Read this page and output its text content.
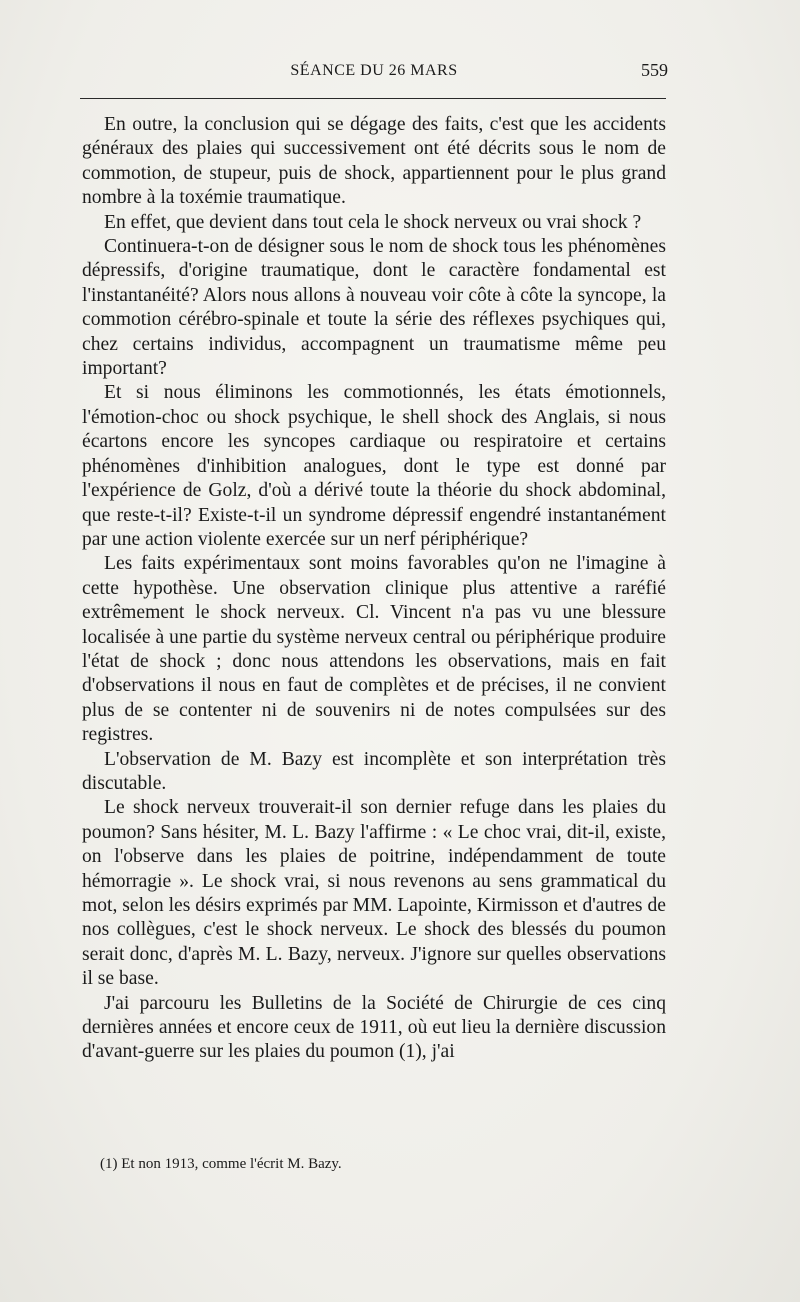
SÉANCE DU 26 MARS	559

En outre, la conclusion qui se dégage des faits, c'est que les accidents généraux des plaies qui successivement ont été décrits sous le nom de commotion, de stupeur, puis de shock, appartiennent pour le plus grand nombre à la toxémie traumatique.

En effet, que devient dans tout cela le shock nerveux ou vrai shock ?

Continuera-t-on de désigner sous le nom de shock tous les phénomènes dépressifs, d'origine traumatique, dont le caractère fondamental est l'instantanéité? Alors nous allons à nouveau voir côte à côte la syncope, la commotion cérébro-spinale et toute la série des réflexes psychiques qui, chez certains individus, accompagnent un traumatisme même peu important?

Et si nous éliminons les commotionnés, les états émotionnels, l'émotion-choc ou shock psychique, le shell shock des Anglais, si nous écartons encore les syncopes cardiaque ou respiratoire et certains phénomènes d'inhibition analogues, dont le type est donné par l'expérience de Golz, d'où a dérivé toute la théorie du shock abdominal, que reste-t-il? Existe-t-il un syndrome dépressif engendré instantanément par une action violente exercée sur un nerf périphérique?

Les faits expérimentaux sont moins favorables qu'on ne l'imagine à cette hypothèse. Une observation clinique plus attentive a raréfié extrêmement le shock nerveux. Cl. Vincent n'a pas vu une blessure localisée à une partie du système nerveux central ou périphérique produire l'état de shock ; donc nous attendons les observations, mais en fait d'observations il nous en faut de complètes et de précises, il ne convient plus de se contenter ni de souvenirs ni de notes compulsées sur des registres.

L'observation de M. Bazy est incomplète et son interprétation très discutable.

Le shock nerveux trouverait-il son dernier refuge dans les plaies du poumon? Sans hésiter, M. L. Bazy l'affirme : « Le choc vrai, dit-il, existe, on l'observe dans les plaies de poitrine, indépendamment de toute hémorragie ». Le shock vrai, si nous revenons au sens grammatical du mot, selon les désirs exprimés par MM. Lapointe, Kirmisson et d'autres de nos collègues, c'est le shock nerveux. Le shock des blessés du poumon serait donc, d'après M. L. Bazy, nerveux. J'ignore sur quelles observations il se base.

J'ai parcouru les Bulletins de la Société de Chirurgie de ces cinq dernières années et encore ceux de 1911, où eut lieu la dernière discussion d'avant-guerre sur les plaies du poumon (1), j'ai

(1) Et non 1913, comme l'écrit M. Bazy.
